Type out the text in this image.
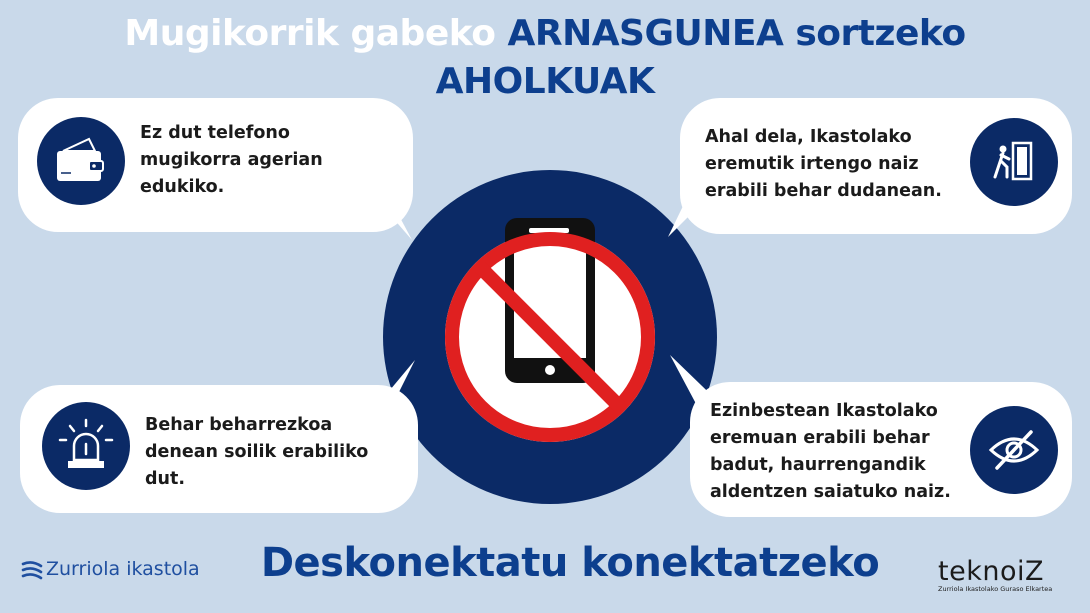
Mugikorrik gabeko ARNASGUNEA sortzeko
AHOLKUAK
Ez dut telefono
mugikorra agerian
edukiko.
Ahal dela, Ikastolako
eremutik irtengo naiz
erabili behar dudanean.
Behar beharrezkoa
denean soilik erabiliko
dut.
Ezinbestean Ikastolako
eremuan erabili behar
badut, haurrengandik
aldentzen saiatuko naiz.
Zurriola ikastola	Deskonektatu konektatzeko	teknoiZ
Zurriola Ikastolako Guraso Elkartea
